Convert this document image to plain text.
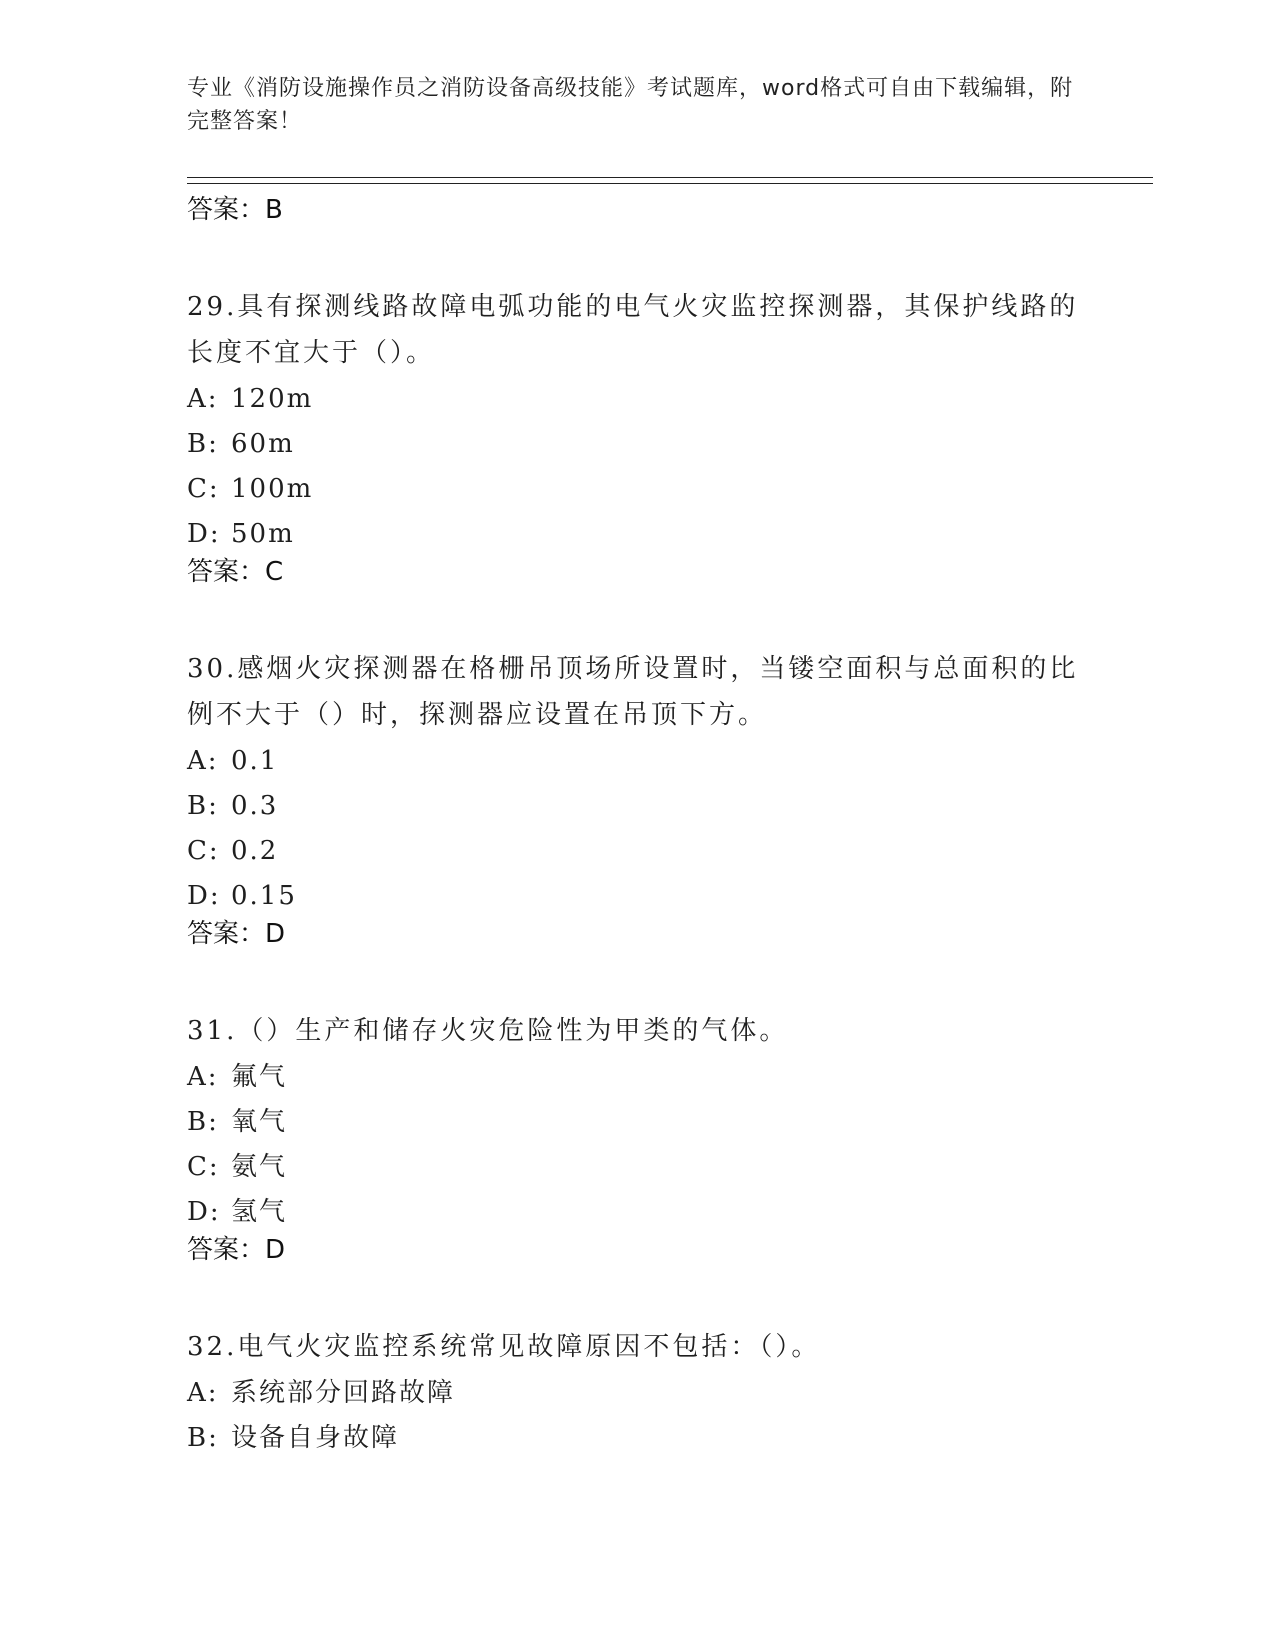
专业《消防设施操作员之消防设备高级技能》考试题库，word格式可自由下载编辑，附完整答案！

答案：B

29.具有探测线路故障电弧功能的电气火灾监控探测器，其保护线路的长度不宜大于（）。

A: 120m

B: 60m

C: 100m

D: 50m

答案：C

30.感烟火灾探测器在格栅吊顶场所设置时，当镂空面积与总面积的比例不大于（）时，探测器应设置在吊顶下方。

A: 0.1

B: 0.3

C: 0.2

D: 0.15

答案：D

31.（）生产和储存火灾危险性为甲类的气体。

A: 氟气

B: 氧气

C: 氨气

D: 氢气

答案：D

32.电气火灾监控系统常见故障原因不包括：（）。

A: 系统部分回路故障

B: 设备自身故障
